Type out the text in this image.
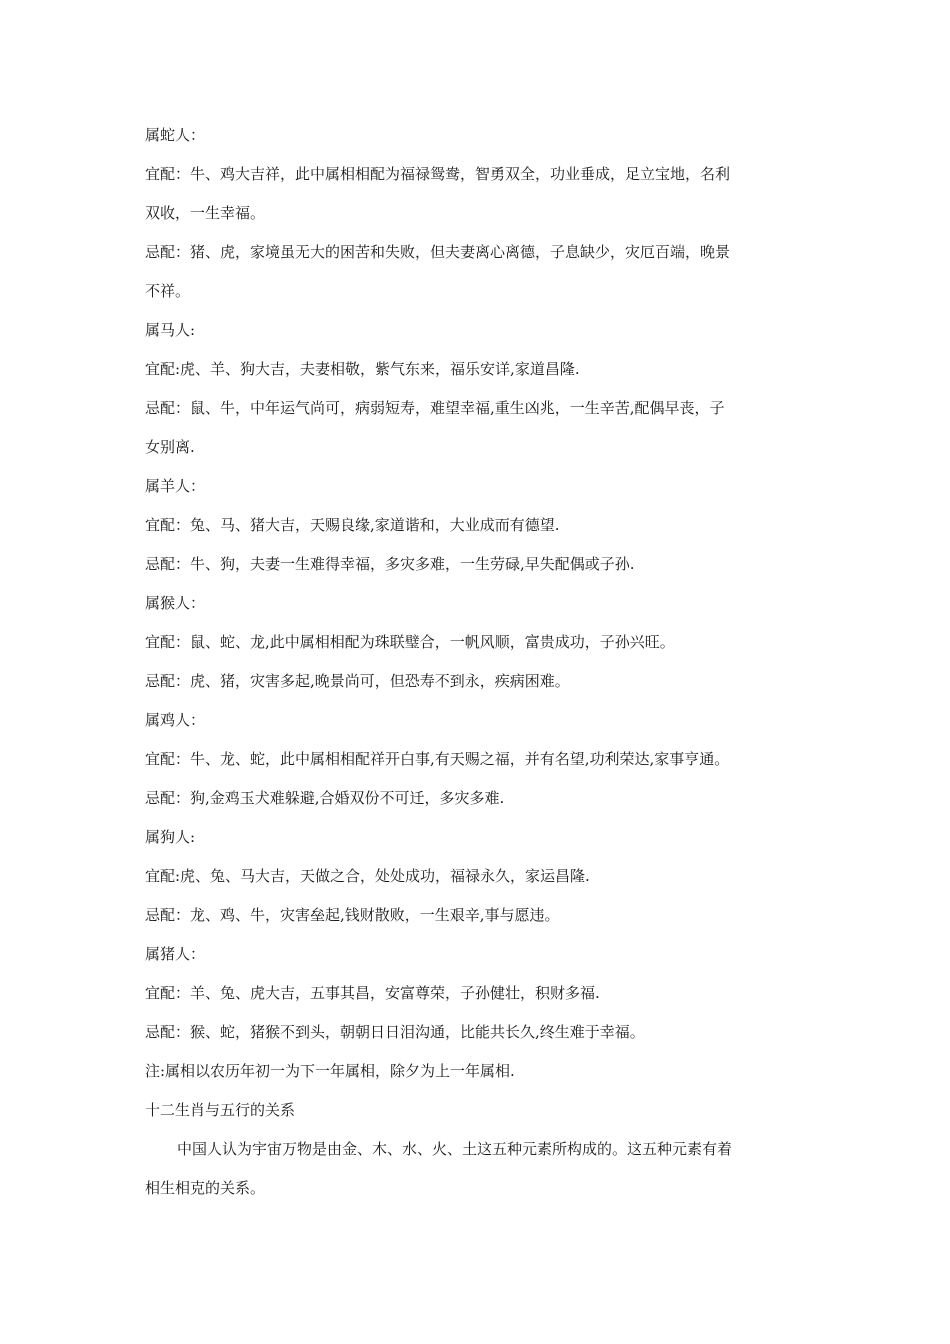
属蛇人：
宜配：牛、鸡大吉祥，此中属相相配为福禄鸳鸯，智勇双全，功业垂成，足立宝地，名利
双收，一生幸福。
忌配：猪、虎，家境虽无大的困苦和失败，但夫妻离心离德，子息缺少，灾厄百端，晚景
不祥。
属马人:
宜配:虎、羊、狗大吉，夫妻相敬，紫气东来，福乐安详,家道昌隆.
忌配：鼠、牛，中年运气尚可，病弱短寿，难望幸福,重生凶兆，一生辛苦,配偶早丧，子
女别离.
属羊人：
宜配：兔、马、猪大吉，天赐良缘,家道谐和，大业成而有德望.
忌配：牛、狗，夫妻一生难得幸福，多灾多难，一生劳碌,早失配偶或子孙.
属猴人：
宜配：鼠、蛇、龙,此中属相相配为珠联璧合，一帆风顺，富贵成功，子孙兴旺。
忌配：虎、猪，灾害多起,晚景尚可，但恐寿不到永，疾病困难。
属鸡人：
宜配：牛、龙、蛇，此中属相相配祥开白事,有天赐之福，并有名望,功利荣达,家事亨通。
忌配：狗,金鸡玉犬难躲避,合婚双份不可迁，多灾多难.
属狗人:
宜配:虎、兔、马大吉，天做之合，处处成功，福禄永久，家运昌隆.
忌配：龙、鸡、牛，灾害垒起,钱财散败，一生艰辛,事与愿违。
属猪人：
宜配：羊、兔、虎大吉，五事其昌，安富尊荣，子孙健壮，积财多福.
忌配：猴、蛇，猪猴不到头，朝朝日日泪沟通，比能共长久,终生难于幸福。
注:属相以农历年初一为下一年属相，除夕为上一年属相.
十二生肖与五行的关系
中国人认为宇宙万物是由金、木、水、火、土这五种元素所构成的。这五种元素有着
相生相克的关系。
